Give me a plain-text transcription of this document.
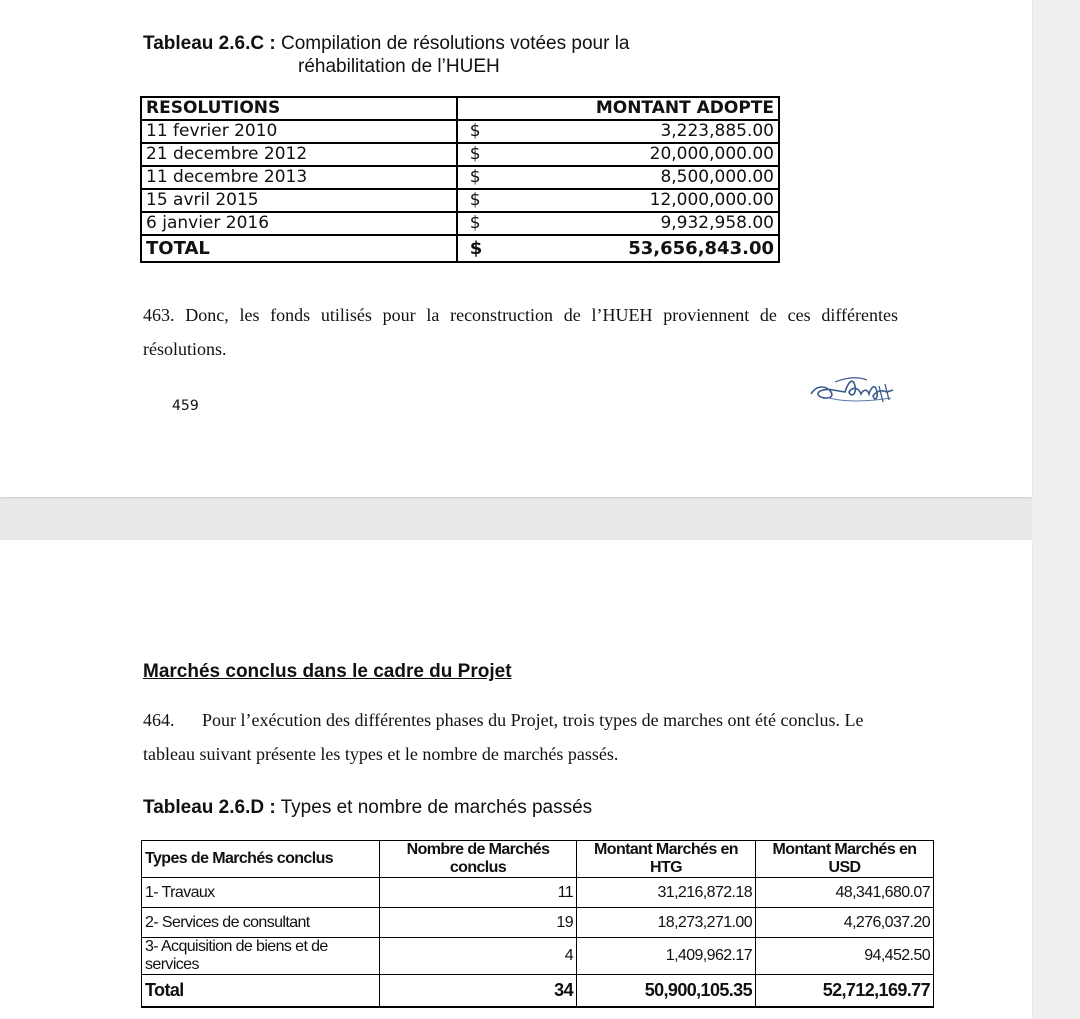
Tableau 2.6.C : Compilation de résolutions votées pour la
réhabilitation de l’HUEH
RESOLUTIONS	MONTANT ADOPTE	
11 fevrier 2010	$	3,223,885.00
21 decembre 2012	$	20,000,000.00
11 decembre 2013	$	8,500,000.00
15 avril 2015	$	12,000,000.00
6 janvier 2016	$	9,932,958.00
TOTAL	$	53,656,843.00
463. Donc, les fonds utilisés pour la reconstruction de l’HUEH proviennent de ces différentes résolutions.
459
Marchés conclus dans le cadre du Projet
464. Pour l’exécution des différentes phases du Projet, trois types de marches ont été conclus. Le tableau suivant présente les types et le nombre de marchés passés.
Tableau 2.6.D : Types et nombre de marchés passés
Types de Marchés conclus	Nombre de Marchés conclus	Montant Marchés en HTG	Montant Marchés en USD
1- Travaux	11	31,216,872.18	48,341,680.07
2- Services de consultant	19	18,273,271.00	4,276,037.20
3- Acquisition de biens et de services	4	1,409,962.17	94,452.50
Total	34	50,900,105.35	52,712,169.77
